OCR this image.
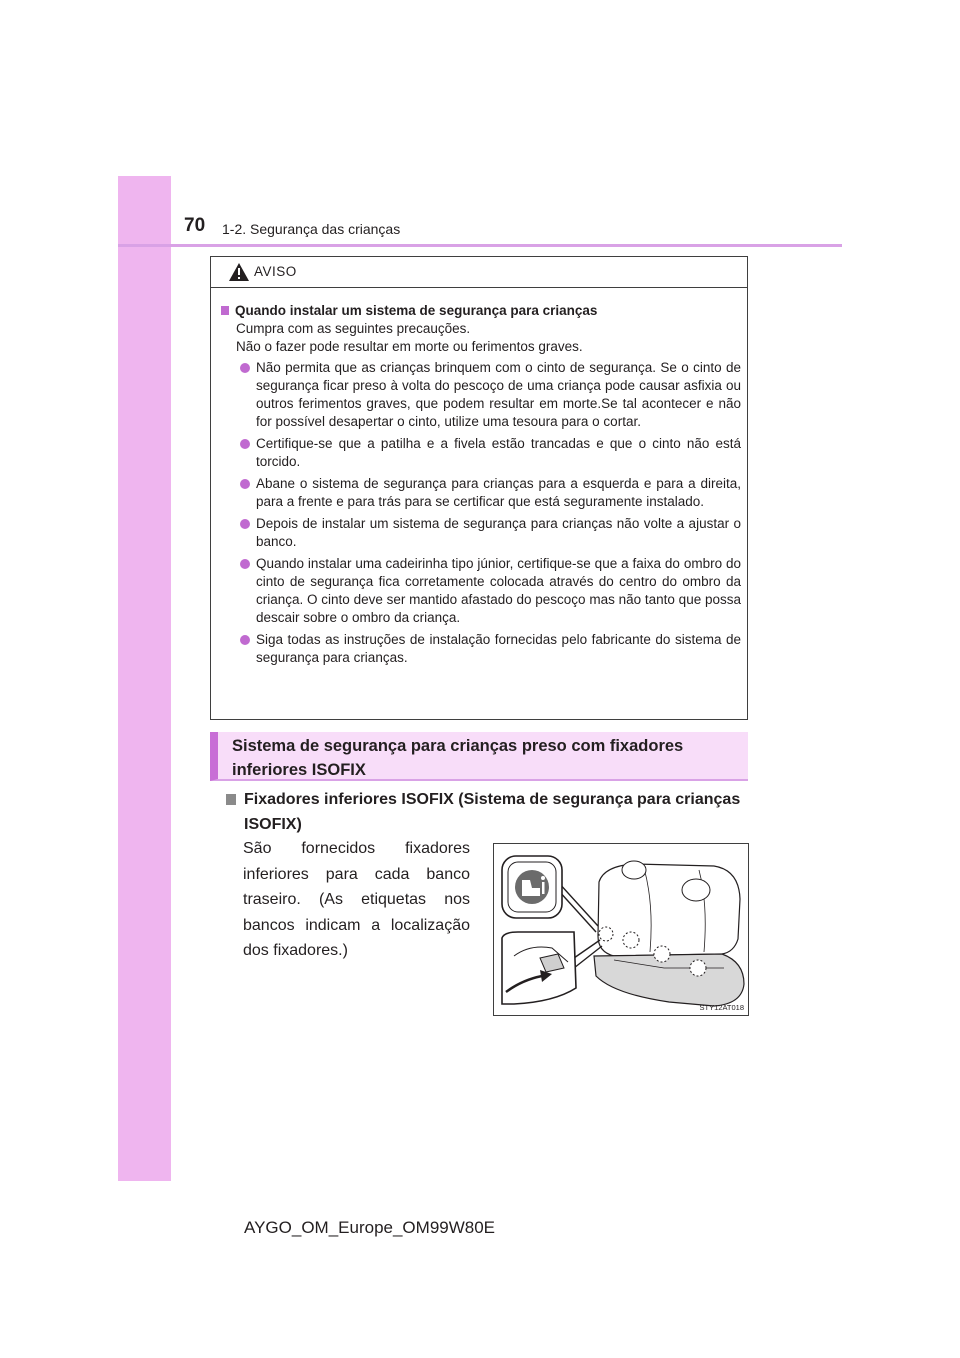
70 1-2. Segurança das crianças
AVISO
Quando instalar um sistema de segurança para crianças
Cumpra com as seguintes precauções.
Não o fazer pode resultar em morte ou ferimentos graves.
Não permita que as crianças brinquem com o cinto de segurança. Se o cinto de segurança ficar preso à volta do pescoço de uma criança pode causar asfixia ou outros ferimentos graves, que podem resultar em morte.Se tal acontecer e não for possível desapertar o cinto, utilize uma tesoura para o cortar.
Certifique-se que a patilha e a fivela estão trancadas e que o cinto não está torcido.
Abane o sistema de segurança para crianças para a esquerda e para a direita, para a frente e para trás para se certificar que está seguramente instalado.
Depois de instalar um sistema de segurança para crianças não volte a ajustar o banco.
Quando instalar uma cadeirinha tipo júnior, certifique-se que a faixa do ombro do cinto de segurança fica corretamente colocada através do centro do ombro da criança. O cinto deve ser mantido afastado do pescoço mas não tanto que possa descair sobre o ombro da criança.
Siga todas as instruções de instalação fornecidas pelo fabricante do sistema de segurança para crianças.
Sistema de segurança para crianças preso com fixadores inferiores ISOFIX
Fixadores inferiores ISOFIX (Sistema de segurança para crianças ISOFIX)
São fornecidos fixadores inferiores para cada banco traseiro. (As etiquetas nos bancos indicam a localização dos fixadores.)
STY12AT018
AYGO_OM_Europe_OM99W80E
